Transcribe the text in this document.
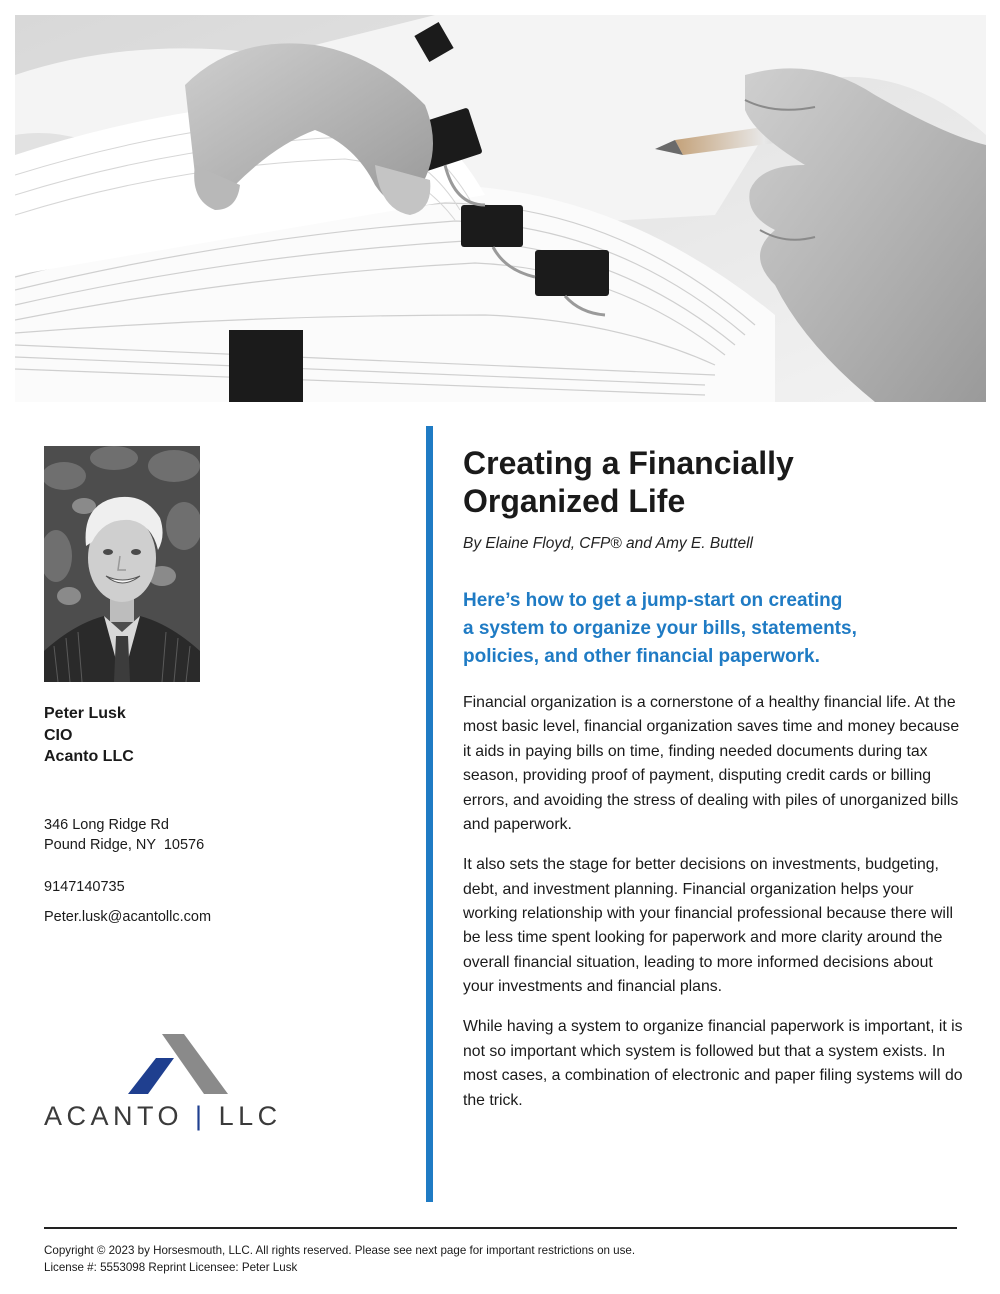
Peter Lusk
CIO
Acanto LLC
346 Long Ridge Rd
Pound Ridge, NY  10576
9147140735
Peter.lusk@acantollc.com
ACANTO | LLC
Creating a Financially
Organized Life
By Elaine Floyd, CFP® and Amy E. Buttell
Here’s how to get a jump-start on creating
a system to organize your bills, statements,
policies, and other financial paperwork.

Financial organization is a cornerstone of a healthy financial life. At the most basic level, financial organization saves time and money because it aids in paying bills on time, finding needed documents during tax season, providing proof of payment, disputing credit cards or billing errors, and avoiding the stress of dealing with piles of unorganized bills and paperwork.

It also sets the stage for better decisions on investments, budgeting, debt, and investment planning. Financial organization helps your working relationship with your financial professional because there will be less time spent looking for paperwork and more clarity around the overall financial situation, leading to more informed decisions about your investments and financial plans.

While having a system to organize financial paperwork is important, it is not so important which system is followed but that a system exists. In most cases, a combination of electronic and paper filing systems will do the trick.

Copyright © 2023 by Horsesmouth, LLC. All rights reserved. Please see next page for important restrictions on use.
License #: 5553098 Reprint Licensee: Peter Lusk
